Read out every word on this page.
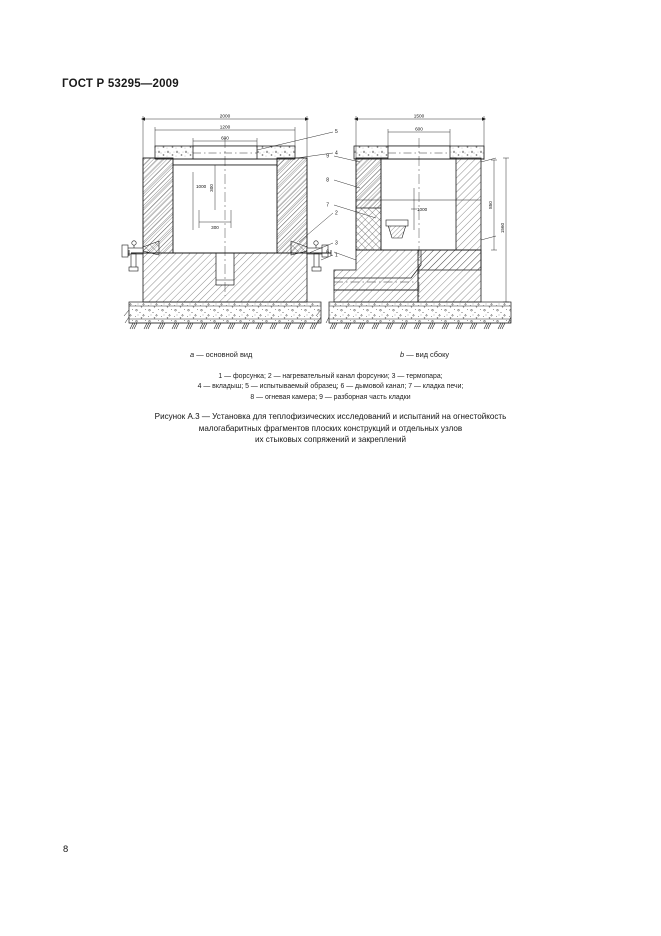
ГОСТ Р 53295—2009
2000
1200
600
300
300
1000
5
4
3
2
1
1500
600
1000
850
1560
9
8
7
6
a — основной вид	b — вид сбоку
1 — форсунка; 2 — нагревательный канал форсунки; 3 — термопара;
4 — вкладыш; 5 — испытываемый образец; 6 — дымовой канал; 7 — кладка печи;
8 — огневая камера; 9 — разборная часть кладки
Рисунок А.3 — Установка для теплофизических исследований и испытаний на огнестойкость
малогабаритных фрагментов плоских конструкций и отдельных узлов
их стыковых сопряжений и закреплений
8
